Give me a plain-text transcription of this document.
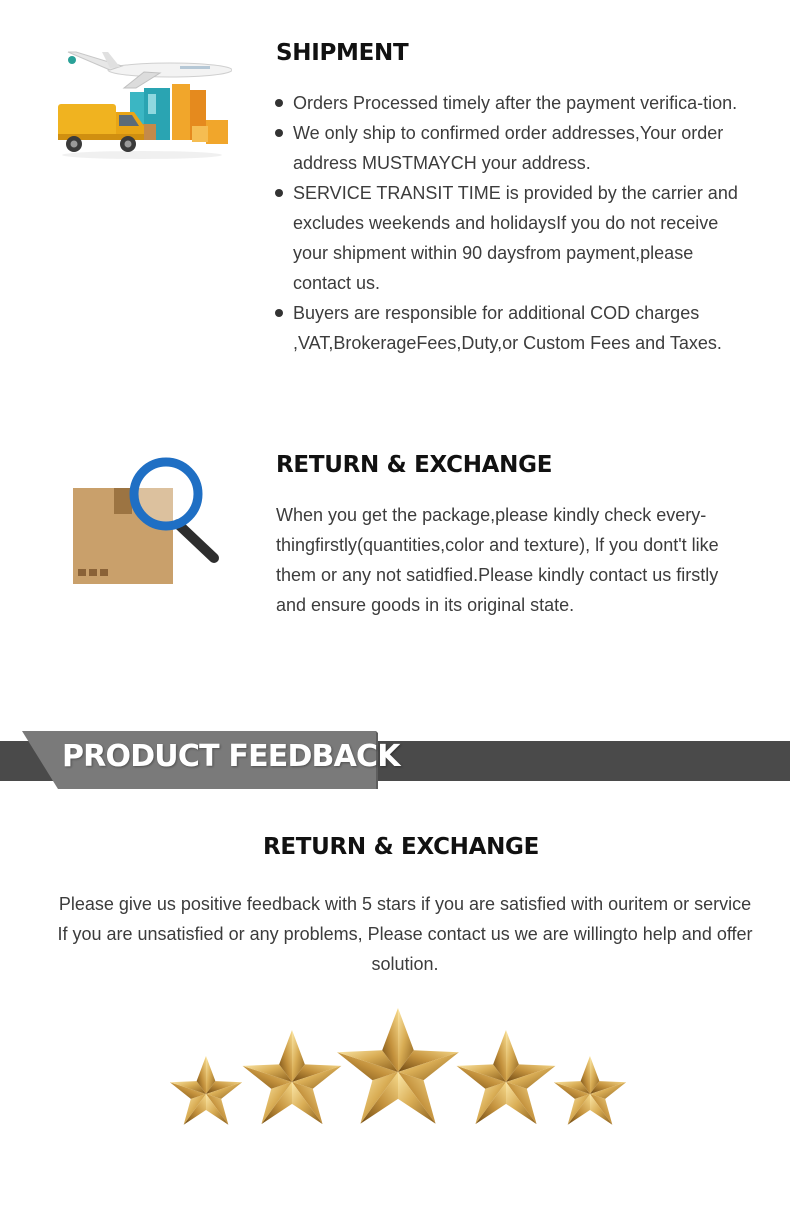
SHIPMENT
Orders Processed timely after the payment verifica-tion.
We only ship to confirmed order addresses,Your order address MUSTMAYCH your address.
SERVICE TRANSIT TIME is provided by the carrier and excludes weekends and holidaysIf you do not receive your shipment within 90 daysfrom payment,please contact us.
Buyers are responsible for additional COD charges ,VAT,BrokerageFees,Duty,or Custom Fees and Taxes.
RETURN & EXCHANGE

When you get the package,please kindly check every-thingfirstly(quantities,color and texture), lf you dont't like them or any not satidfied.Please kindly contact us firstly and ensure goods in its original state.

PRODUCT FEEDBACK
RETURN & EXCHANGE

Please give us positive feedback with 5 stars if you are satisfied with ouritem or service

If you are unsatisfied or any problems, Please contact us we are willingto help and offer solution.
